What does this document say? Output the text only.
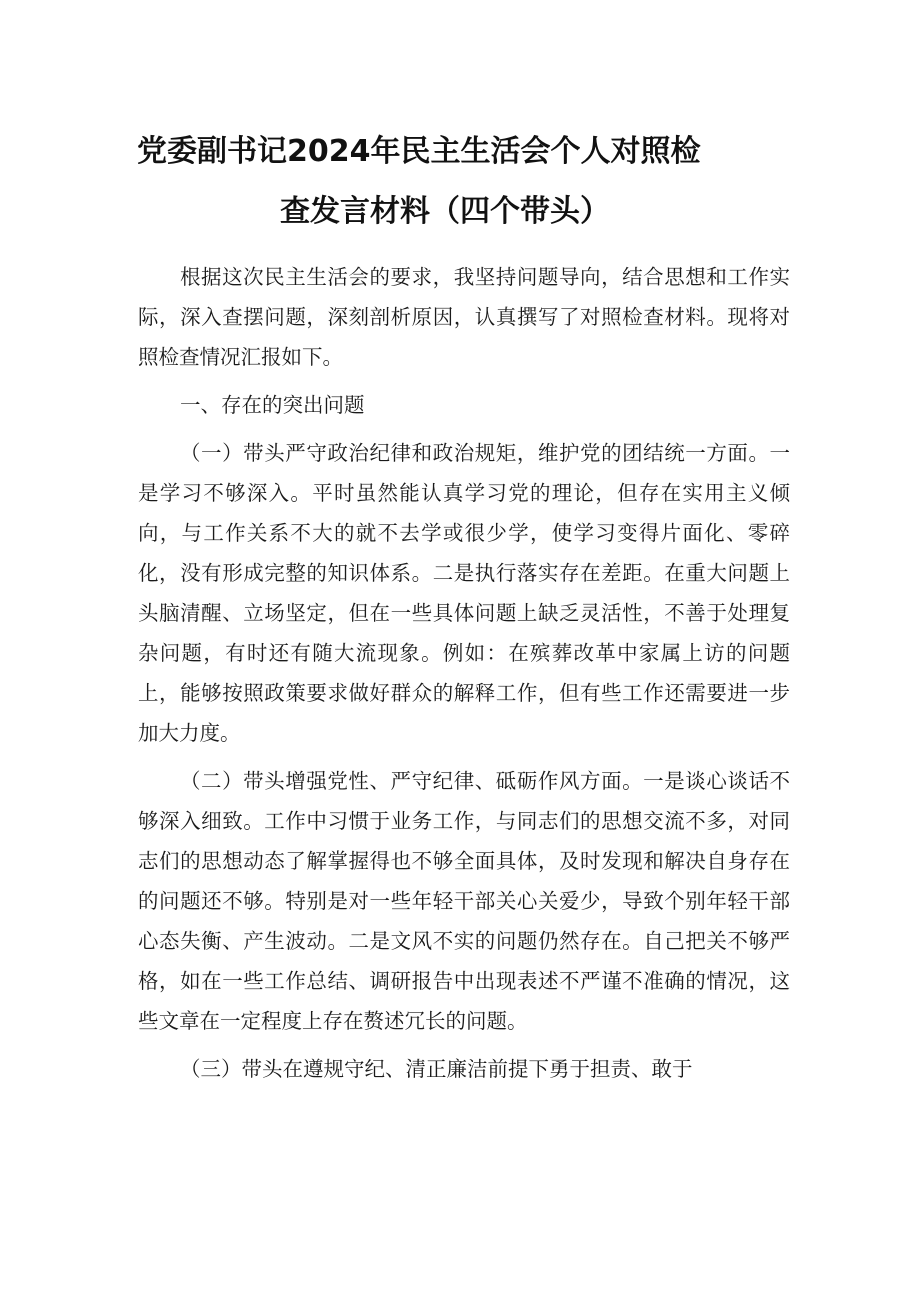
党委副书记2024年民主生活会个人对照检
查发言材料（四个带头）

根据这次民主生活会的要求，我坚持问题导向，结合思想和工作实际，深入查摆问题，深刻剖析原因，认真撰写了对照检查材料。现将对照检查情况汇报如下。

一、存在的突出问题

（一）带头严守政治纪律和政治规矩，维护党的团结统一方面。一是学习不够深入。平时虽然能认真学习党的理论，但存在实用主义倾向，与工作关系不大的就不去学或很少学，使学习变得片面化、零碎化，没有形成完整的知识体系。二是执行落实存在差距。在重大问题上头脑清醒、立场坚定，但在一些具体问题上缺乏灵活性，不善于处理复杂问题，有时还有随大流现象。例如：在殡葬改革中家属上访的问题上，能够按照政策要求做好群众的解释工作，但有些工作还需要进一步加大力度。

（二）带头增强党性、严守纪律、砥砺作风方面。一是谈心谈话不够深入细致。工作中习惯于业务工作，与同志们的思想交流不多，对同志们的思想动态了解掌握得也不够全面具体，及时发现和解决自身存在的问题还不够。特别是对一些年轻干部关心关爱少，导致个别年轻干部心态失衡、产生波动。二是文风不实的问题仍然存在。自己把关不够严格，如在一些工作总结、调研报告中出现表述不严谨不准确的情况，这些文章在一定程度上存在赘述冗长的问题。

（三）带头在遵规守纪、清正廉洁前提下勇于担责、敢于
